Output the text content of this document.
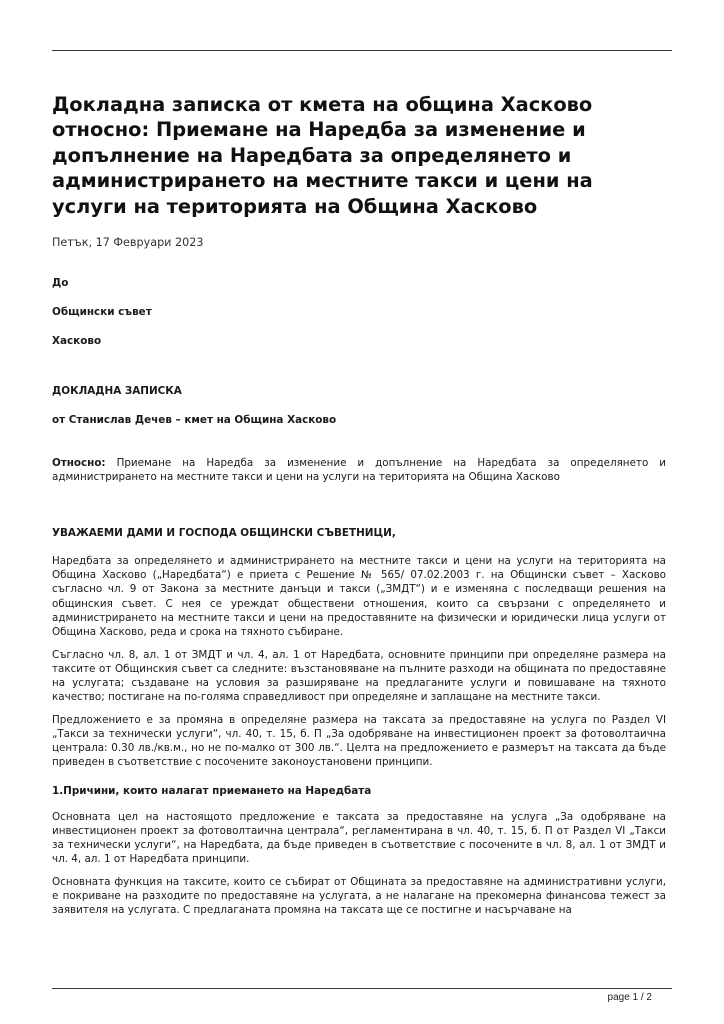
Докладна записка от кмета на община Хасково относно: Приемане на Наредба за изменение и допълнение на Наредбата за определянето и администрирането на местните такси и цени на услуги на територията на Община Хасково
Петък, 17 Февруари 2023
До
Общински съвет
Хасково
ДОКЛАДНА ЗАПИСКА
от Станислав Дечев – кмет на Община Хасково

Относно: Приемане на Наредба за изменение и допълнение на Наредбата за определянето и администрирането на местните такси и цени на услуги на територията на Община Хасково

УВАЖАЕМИ ДАМИ И ГОСПОДА ОБЩИНСКИ СЪВЕТНИЦИ,

Наредбата за определянето и администрирането на местните такси и цени на услуги на територията на Община Хасково („Наредбата“) е приета с Решение № 565/ 07.02.2003 г. на Общински съвет – Хасково съгласно чл. 9 от Закона за местните данъци и такси („ЗМДТ“) и е изменяна с последващи решения на общинския съвет. С нея се уреждат обществени отношения, които са свързани с определянето и администрирането на местните такси и цени на предоставяните на физически и юридически лица услуги от Община Хасково, реда и срока на тяхното събиране.

Съгласно чл. 8, ал. 1 от ЗМДТ и чл. 4, ал. 1 от Наредбата, основните принципи при определяне размера на таксите от Общинския съвет са следните: възстановяване на пълните разходи на общината по предоставяне на услугата; създаване на условия за разширяване на предлаганите услуги и повишаване на тяхното качество; постигане на по-голяма справедливост при определяне и заплащане на местните такси.

Предложението е за промяна в определяне размера на таксата за предоставяне на услуга по Раздел VI „Такси за технически услуги“, чл. 40, т. 15, б. П „За одобряване на инвестиционен проект за фотоволтаична централа: 0.30 лв./кв.м., но не по-малко от 300 лв.“. Целта на предложението е размерът на таксата да бъде приведен в съответствие с посочените законоустановени принципи.

1.Причини, които налагат приемането на Наредбата

Основната цел на настоящото предложение е таксата за предоставяне на услуга „За одобряване на инвестиционен проект за фотоволтаична централа“, регламентирана в чл. 40, т. 15, б. П от Раздел VI „Такси за технически услуги“, на Наредбата, да бъде приведен в съответствие с посочените в чл. 8, ал. 1 от ЗМДТ и чл. 4, ал. 1 от Наредбата принципи.

Основната функция на таксите, които се събират от Общината за предоставяне на административни услуги, е покриване на разходите по предоставяне на услугата, а не налагане на прекомерна финансова тежест за заявителя на услугата. С предлаганата промяна на таксата ще се постигне и насърчаване на

page 1 / 2
